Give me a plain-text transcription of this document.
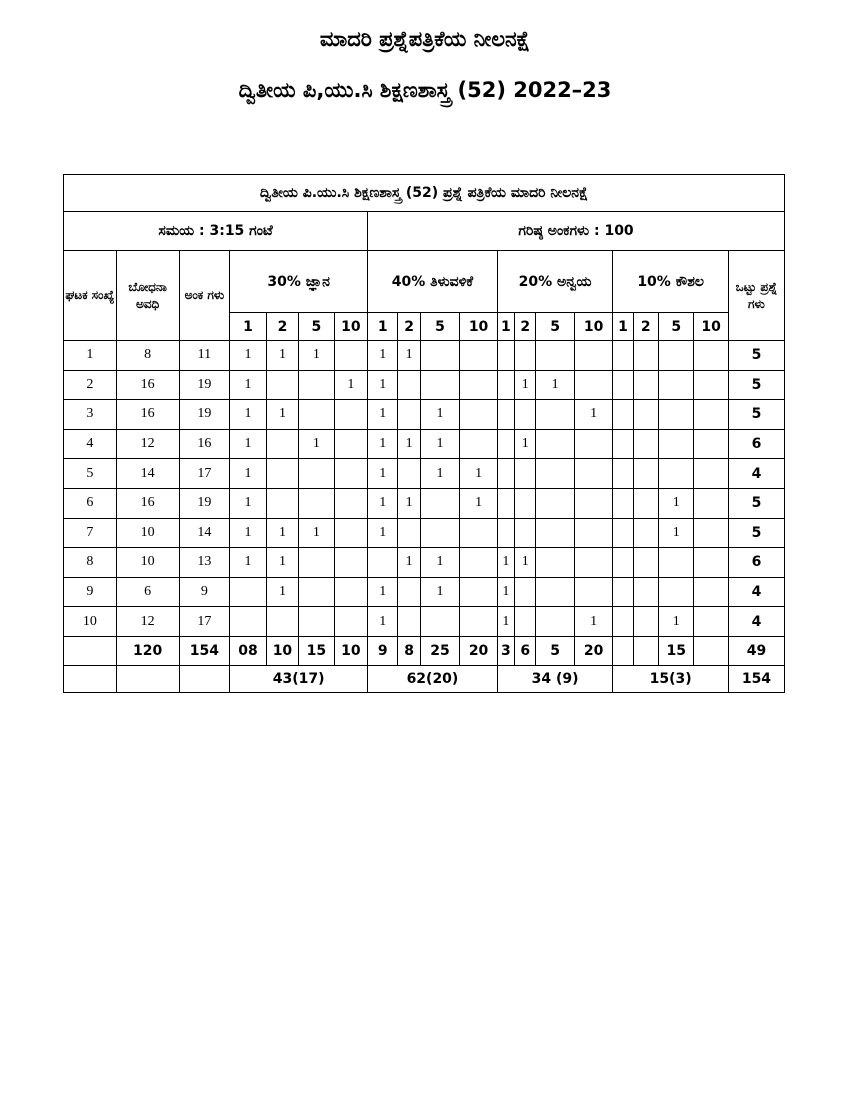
ಮಾದರಿ ಪ್ರಶ್ನೆಪತ್ರಿಕೆಯ ನೀಲನಕ್ಷೆ
ದ್ವಿತೀಯ ಪಿ,ಯು.ಸಿ ಶಿಕ್ಷಣಶಾಸ್ತ್ರ (52) 2022–23
ದ್ವಿತೀಯ ಪಿ.ಯು.ಸಿ ಶಿಕ್ಷಣಶಾಸ್ತ್ರ (52) ಪ್ರಶ್ನೆ ಪತ್ರಿಕೆಯ ಮಾದರಿ ನೀಲನಕ್ಷೆ																			
ಸಮಯ : 3:15 ಗಂಟೆ							ಗರಿಷ್ಠ ಅಂಕಗಳು : 100												
ಘಟಕ ಸಂಖ್ಯೆ	ಬೋಧನಾ ಅವಧಿ	ಅಂಕ ಗಳು	30% ಜ್ಞಾನ				40% ತಿಳುವಳಿಕೆ				20% ಅನ್ವಯ				10% ಕೌಶಲ				ಒಟ್ಟು ಪ್ರಶ್ನೆ ಗಳು
			1	2	5	10	1	2	5	10	1	2	5	10	1	2	5	10	
1	8	11	1	1	1		1	1											5
2	16	19	1			1	1					1	1						5
3	16	19	1	1			1		1					1					5
4	12	16	1		1		1	1	1			1							6
5	14	17	1				1		1	1									4
6	16	19	1				1	1		1							1		5
7	10	14	1	1	1		1										1		5
8	10	13	1	1				1	1		1	1							6
9	6	9		1			1		1		1								4
10	12	17					1				1			1			1		4
	120	154	08	10	15	10	9	8	25	20	3	6	5	20			15		49
			43(17)				62(20)				34 (9)				15(3)				154
